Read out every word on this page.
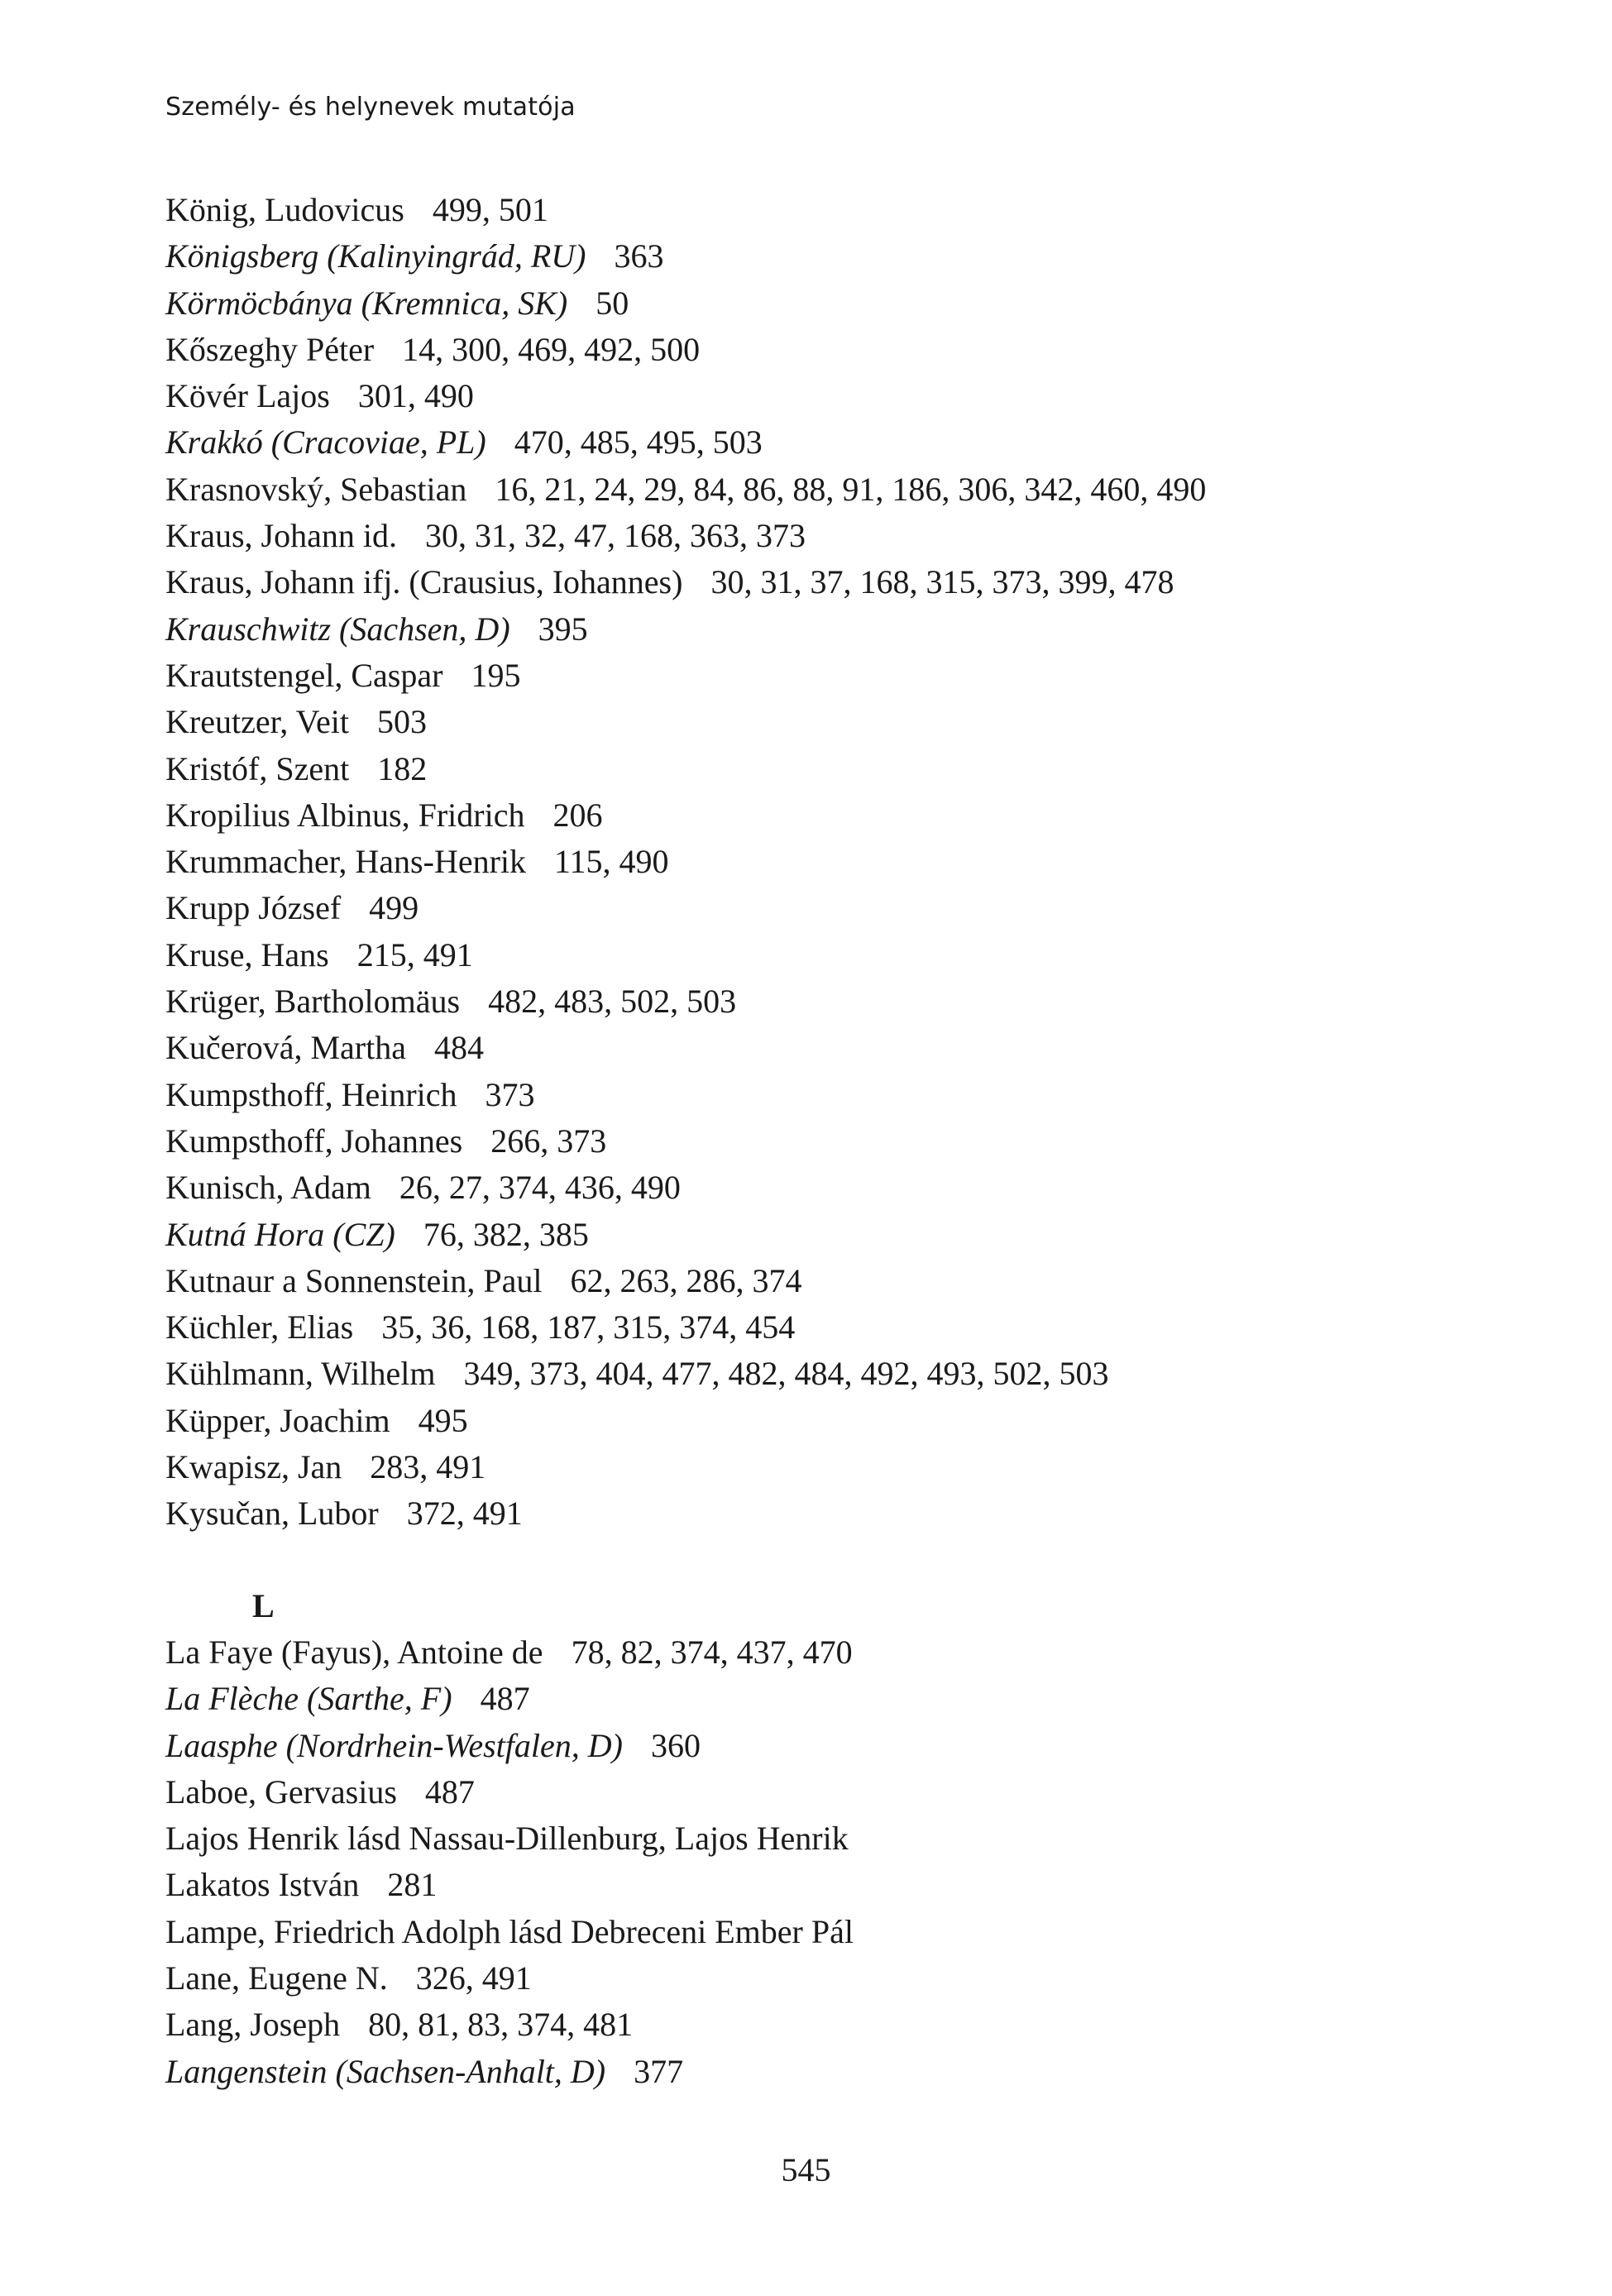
Személy- és helynevek mutatója
König, Ludovicus 499, 501
Königsberg (Kalinyingrád, RU) 363
Körmöcbánya (Kremnica, SK) 50
Kőszeghy Péter 14, 300, 469, 492, 500
Kövér Lajos 301, 490
Krakkó (Cracoviae, PL) 470, 485, 495, 503
Krasnovský, Sebastian 16, 21, 24, 29, 84, 86, 88, 91, 186, 306, 342, 460, 490
Kraus, Johann id. 30, 31, 32, 47, 168, 363, 373
Kraus, Johann ifj. (Crausius, Iohannes) 30, 31, 37, 168, 315, 373, 399, 478
Krauschwitz (Sachsen, D) 395
Krautstengel, Caspar 195
Kreutzer, Veit 503
Kristóf, Szent 182
Kropilius Albinus, Fridrich 206
Krummacher, Hans-Henrik 115, 490
Krupp József 499
Kruse, Hans 215, 491
Krüger, Bartholomäus 482, 483, 502, 503
Kučerová, Martha 484
Kumpsthoff, Heinrich 373
Kumpsthoff, Johannes 266, 373
Kunisch, Adam 26, 27, 374, 436, 490
Kutná Hora (CZ) 76, 382, 385
Kutnaur a Sonnenstein, Paul 62, 263, 286, 374
Küchler, Elias 35, 36, 168, 187, 315, 374, 454
Kühlmann, Wilhelm 349, 373, 404, 477, 482, 484, 492, 493, 502, 503
Küpper, Joachim 495
Kwapisz, Jan 283, 491
Kysučan, Lubor 372, 491
L
La Faye (Fayus), Antoine de 78, 82, 374, 437, 470
La Flèche (Sarthe, F) 487
Laasphe (Nordrhein-Westfalen, D) 360
Laboe, Gervasius 487
Lajos Henrik lásd Nassau-Dillenburg, Lajos Henrik
Lakatos István 281
Lampe, Friedrich Adolph lásd Debreceni Ember Pál
Lane, Eugene N. 326, 491
Lang, Joseph 80, 81, 83, 374, 481
Langenstein (Sachsen-Anhalt, D) 377
545
